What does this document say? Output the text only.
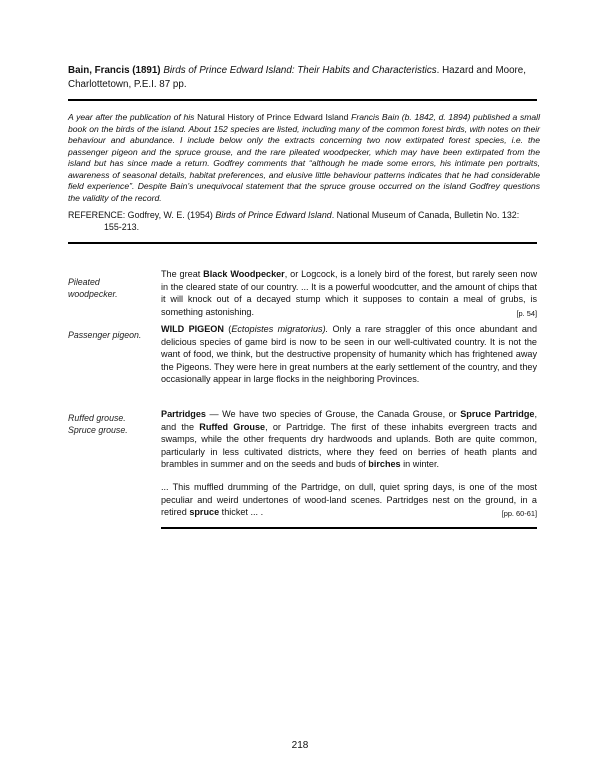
Bain, Francis (1891) Birds of Prince Edward Island: Their Habits and Characteristics. Hazard and Moore, Charlottetown, P.E.I. 87 pp.
A year after the publication of his Natural History of Prince Edward Island Francis Bain (b. 1842, d. 1894) published a small book on the birds of the island. About 152 species are listed, including many of the common forest birds, with notes on their behaviour and abundance. I include below only the extracts concerning two now extirpated forest species, i.e. the passenger pigeon and the spruce grouse, and the rare pileated woodpecker, which may have been extirpated from the island but has since made a return. Godfrey comments that “although he made some errors, his intimate pen portraits, awareness of seasonal details, habitat preferences, and elusive little behaviour patterns indicates that he had considerable field experience”. Despite Bain’s unequivocal statement that the spruce grouse occurred on the island Godfrey questions the validity of the record.
REFERENCE: Godfrey, W. E. (1954) Birds of Prince Edward Island. National Museum of Canada, Bulletin No. 132:
155-213.
Pileated woodpecker.
The great Black Woodpecker, or Logcock, is a lonely bird of the forest, but rarely seen now in the cleared state of our country. ... It is a powerful woodcutter, and the amount of chips that it will knock out of a decayed stump which it supposes to contain a meal of grubs, is something astonishing.	[p. 54]
Passenger pigeon.
WILD PIGEON (Ectopistes migratorius). Only a rare straggler of this once abundant and delicious species of game bird is now to be seen in our well-cultivated country. It is not the want of food, we think, but the destructive propensity of humanity which has frightened away the Pigeons. They were here in great numbers at the early settlement of the country, and they occasionally appear in large flocks in the neighboring Provinces.
Ruffed grouse. Spruce grouse.
Partridges — We have two species of Grouse, the Canada Grouse, or Spruce Partridge, and the Ruffed Grouse, or Partridge. The first of these inhabits evergreen tracts and swamps, while the other frequents dry hardwoods and uplands. Both are quite common, particularly in less cultivated districts, where they feed on berries of heath plants and brambles in summer and on the seeds and buds of birches in winter.
... This muffled drumming of the Partridge, on dull, quiet spring days, is one of the most peculiar and weird undertones of wood-land scenes. Partridges nest on the ground, in a retired spruce thicket ... .	[pp. 60-61]
218
